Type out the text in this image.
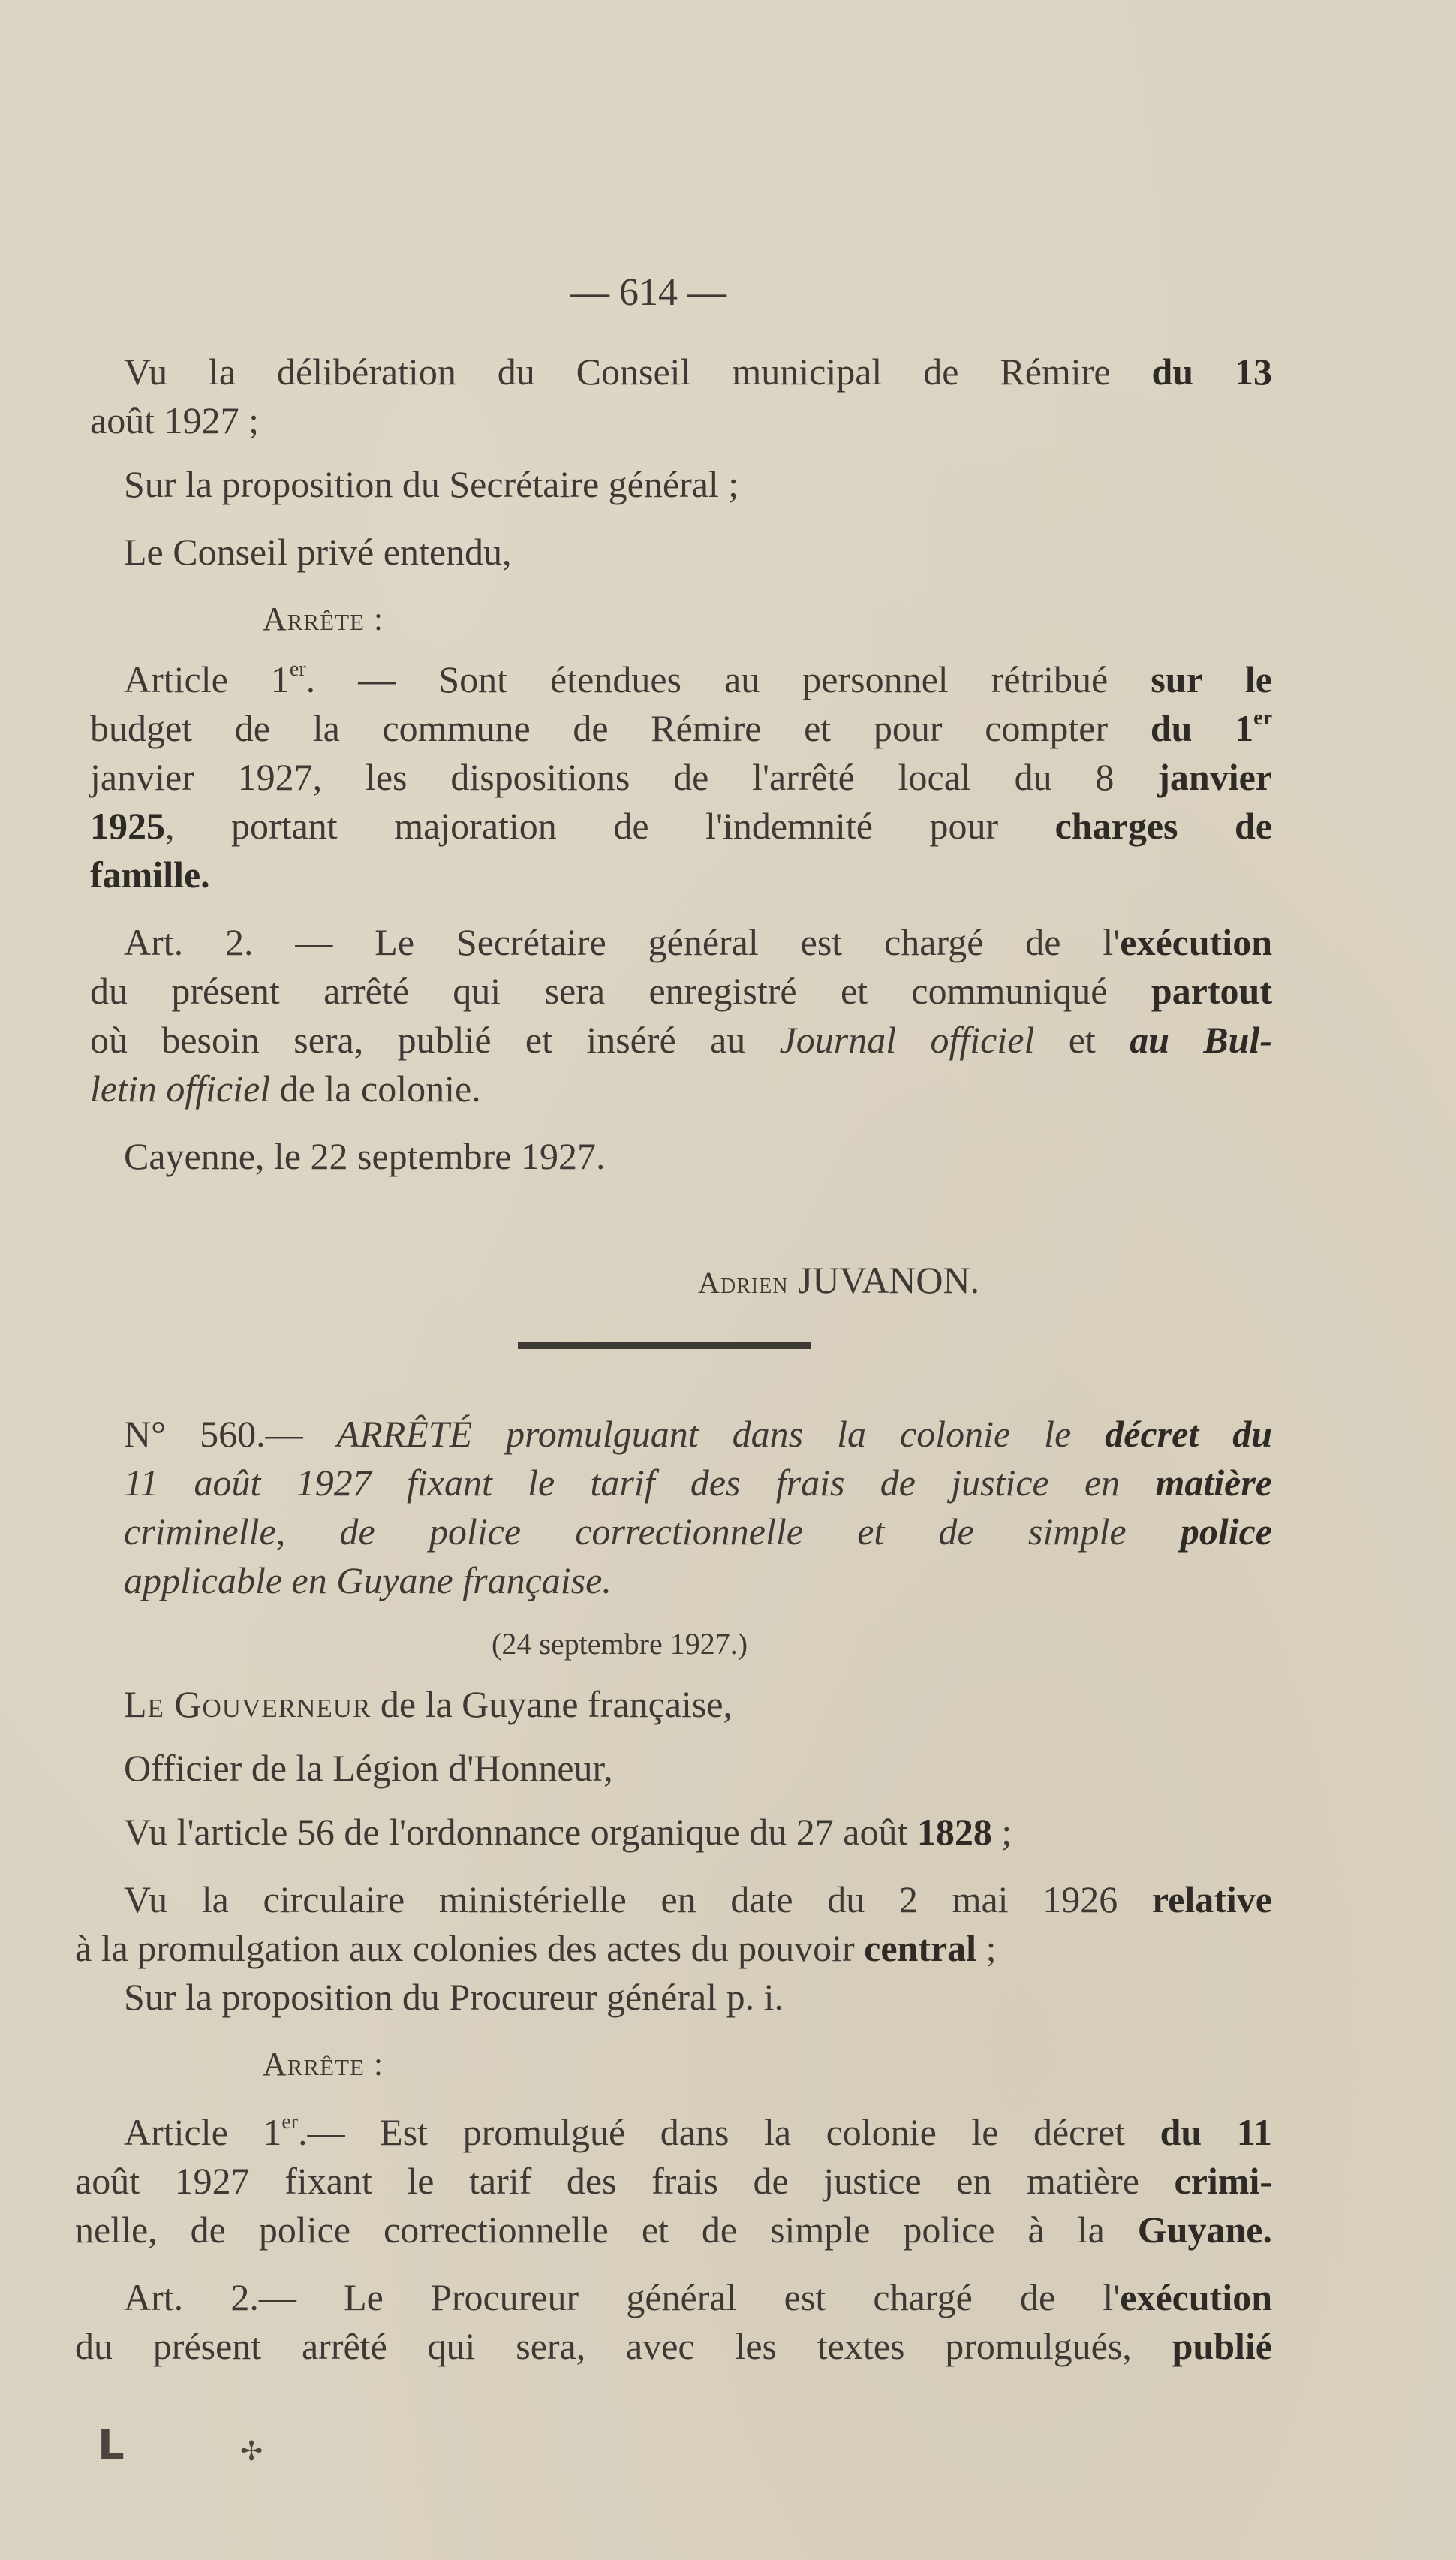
— 614 —
Vu la délibération du Conseil municipal de Rémire du 13
août 1927 ;
Sur la proposition du Secrétaire général ;
Le Conseil privé entendu,
Arrête :
Article 1er. — Sont étendues au personnel rétribué sur le
budget de la commune de Rémire et pour compter du 1er
janvier 1927, les dispositions de l'arrêté local du 8 janvier
1925, portant majoration de l'indemnité pour charges de
famille.
Art. 2. — Le Secrétaire général est chargé de l'exécution
du présent arrêté qui sera enregistré et communiqué partout
où besoin sera, publié et inséré au Journal officiel et au Bul-
letin officiel de la colonie.
Cayenne, le 22 septembre 1927.
Adrien JUVANON.
N° 560.— ARRÊTÉ promulguant dans la colonie le décret du
11 août 1927 fixant le tarif des frais de justice en matière
criminelle, de police correctionnelle et de simple police
applicable en Guyane française.
(24 septembre 1927.)
Le Gouverneur de la Guyane française,
Officier de la Légion d'Honneur,
Vu l'article 56 de l'ordonnance organique du 27 août 1828 ;
Vu la circulaire ministérielle en date du 2 mai 1926 relative
à la promulgation aux colonies des actes du pouvoir central ;
Sur la proposition du Procureur général p. i.
Arrête :
Article 1er.— Est promulgué dans la colonie le décret du 11
août 1927 fixant le tarif des frais de justice en matière crimi-
nelle, de police correctionnelle et de simple police à la Guyane.
Art. 2.— Le Procureur général est chargé de l'exécution
du présent arrêté qui sera, avec les textes promulgués, publié
L	✢
